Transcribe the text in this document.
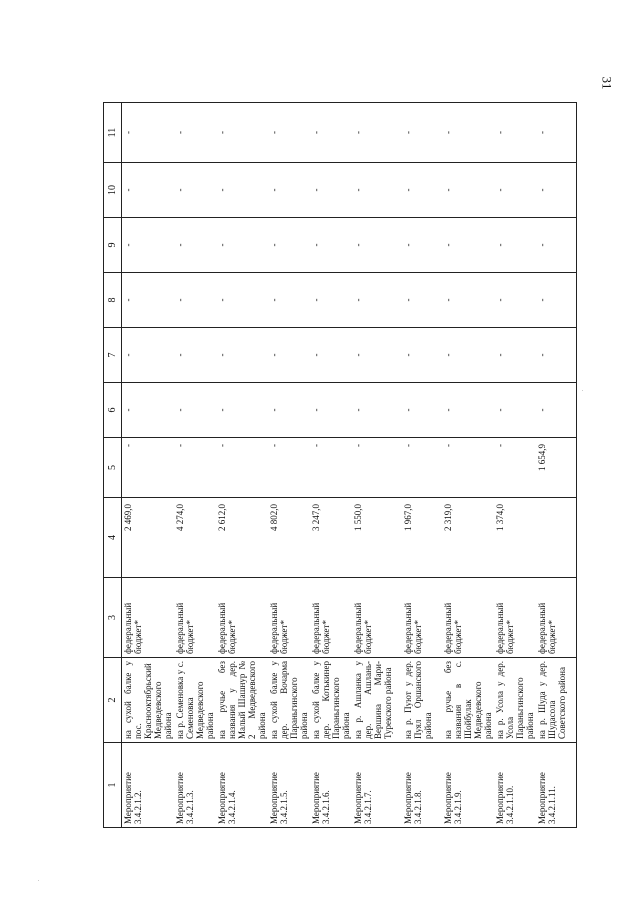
31
1	2	3	4	5	6	7	8	9	10	11
Мероприятие 3.4.2.1.2.	на сухой балке у пос. Краснооктябрьский Медведевского района	федеральный бюджет*	2 469,0	-	-	-	-	-	-	-
Мероприятие 3.4.2.1.3.	на р. Семеновка у с. Семеновка Медведевского района	федеральный бюджет*	4 274,0	-	-	-	-	-	-	-
Мероприятие 3.4.2.1.4.	на ручье без названия у дер. Малый Шашнур № 2 Медведевского района	федеральный бюджет*	2 612,0	-	-	-	-	-	-	-
Мероприятие 3.4.2.1.5.	на сухой балке у дер. Вочарма Параньгинского района	федеральный бюджет*	4 802,0	-	-	-	-	-	-	-
Мероприятие 3.4.2.1.6.	на сухой балке у дер. Котькинер Параньгинского района	федеральный бюджет*	3 247,0	-	-	-	-	-	-	-
Мероприятие 3.4.2.1.7.	на р. Ашланка у дер. Ашлань-Вершина Мари-Турекского района	федеральный бюджет*	1 550,0	-	-	-	-	-	-	-
Мероприятие 3.4.2.1.8.	на р. Пуют у дер. Пуял Оршанского района	федеральный бюджет*	1 967,0	-	-	-	-	-	-	-
Мероприятие 3.4.2.1.9.	на ручье без названия в с. Шойбулак Медведевского района	федеральный бюджет*	2 319,0	-	-	-	-	-	-	-
Мероприятие 3.4.2.1.10.	на р. Усола у дер. Усола Параньгинского района	федеральный бюджет*	1 374,0	-	-	-	-	-	-	-
Мероприятие 3.4.2.1.11.	на р. Шуда у дер. Шудасола Советского района	федеральный бюджет*		1 654,9	-	-	-	-	-	-
